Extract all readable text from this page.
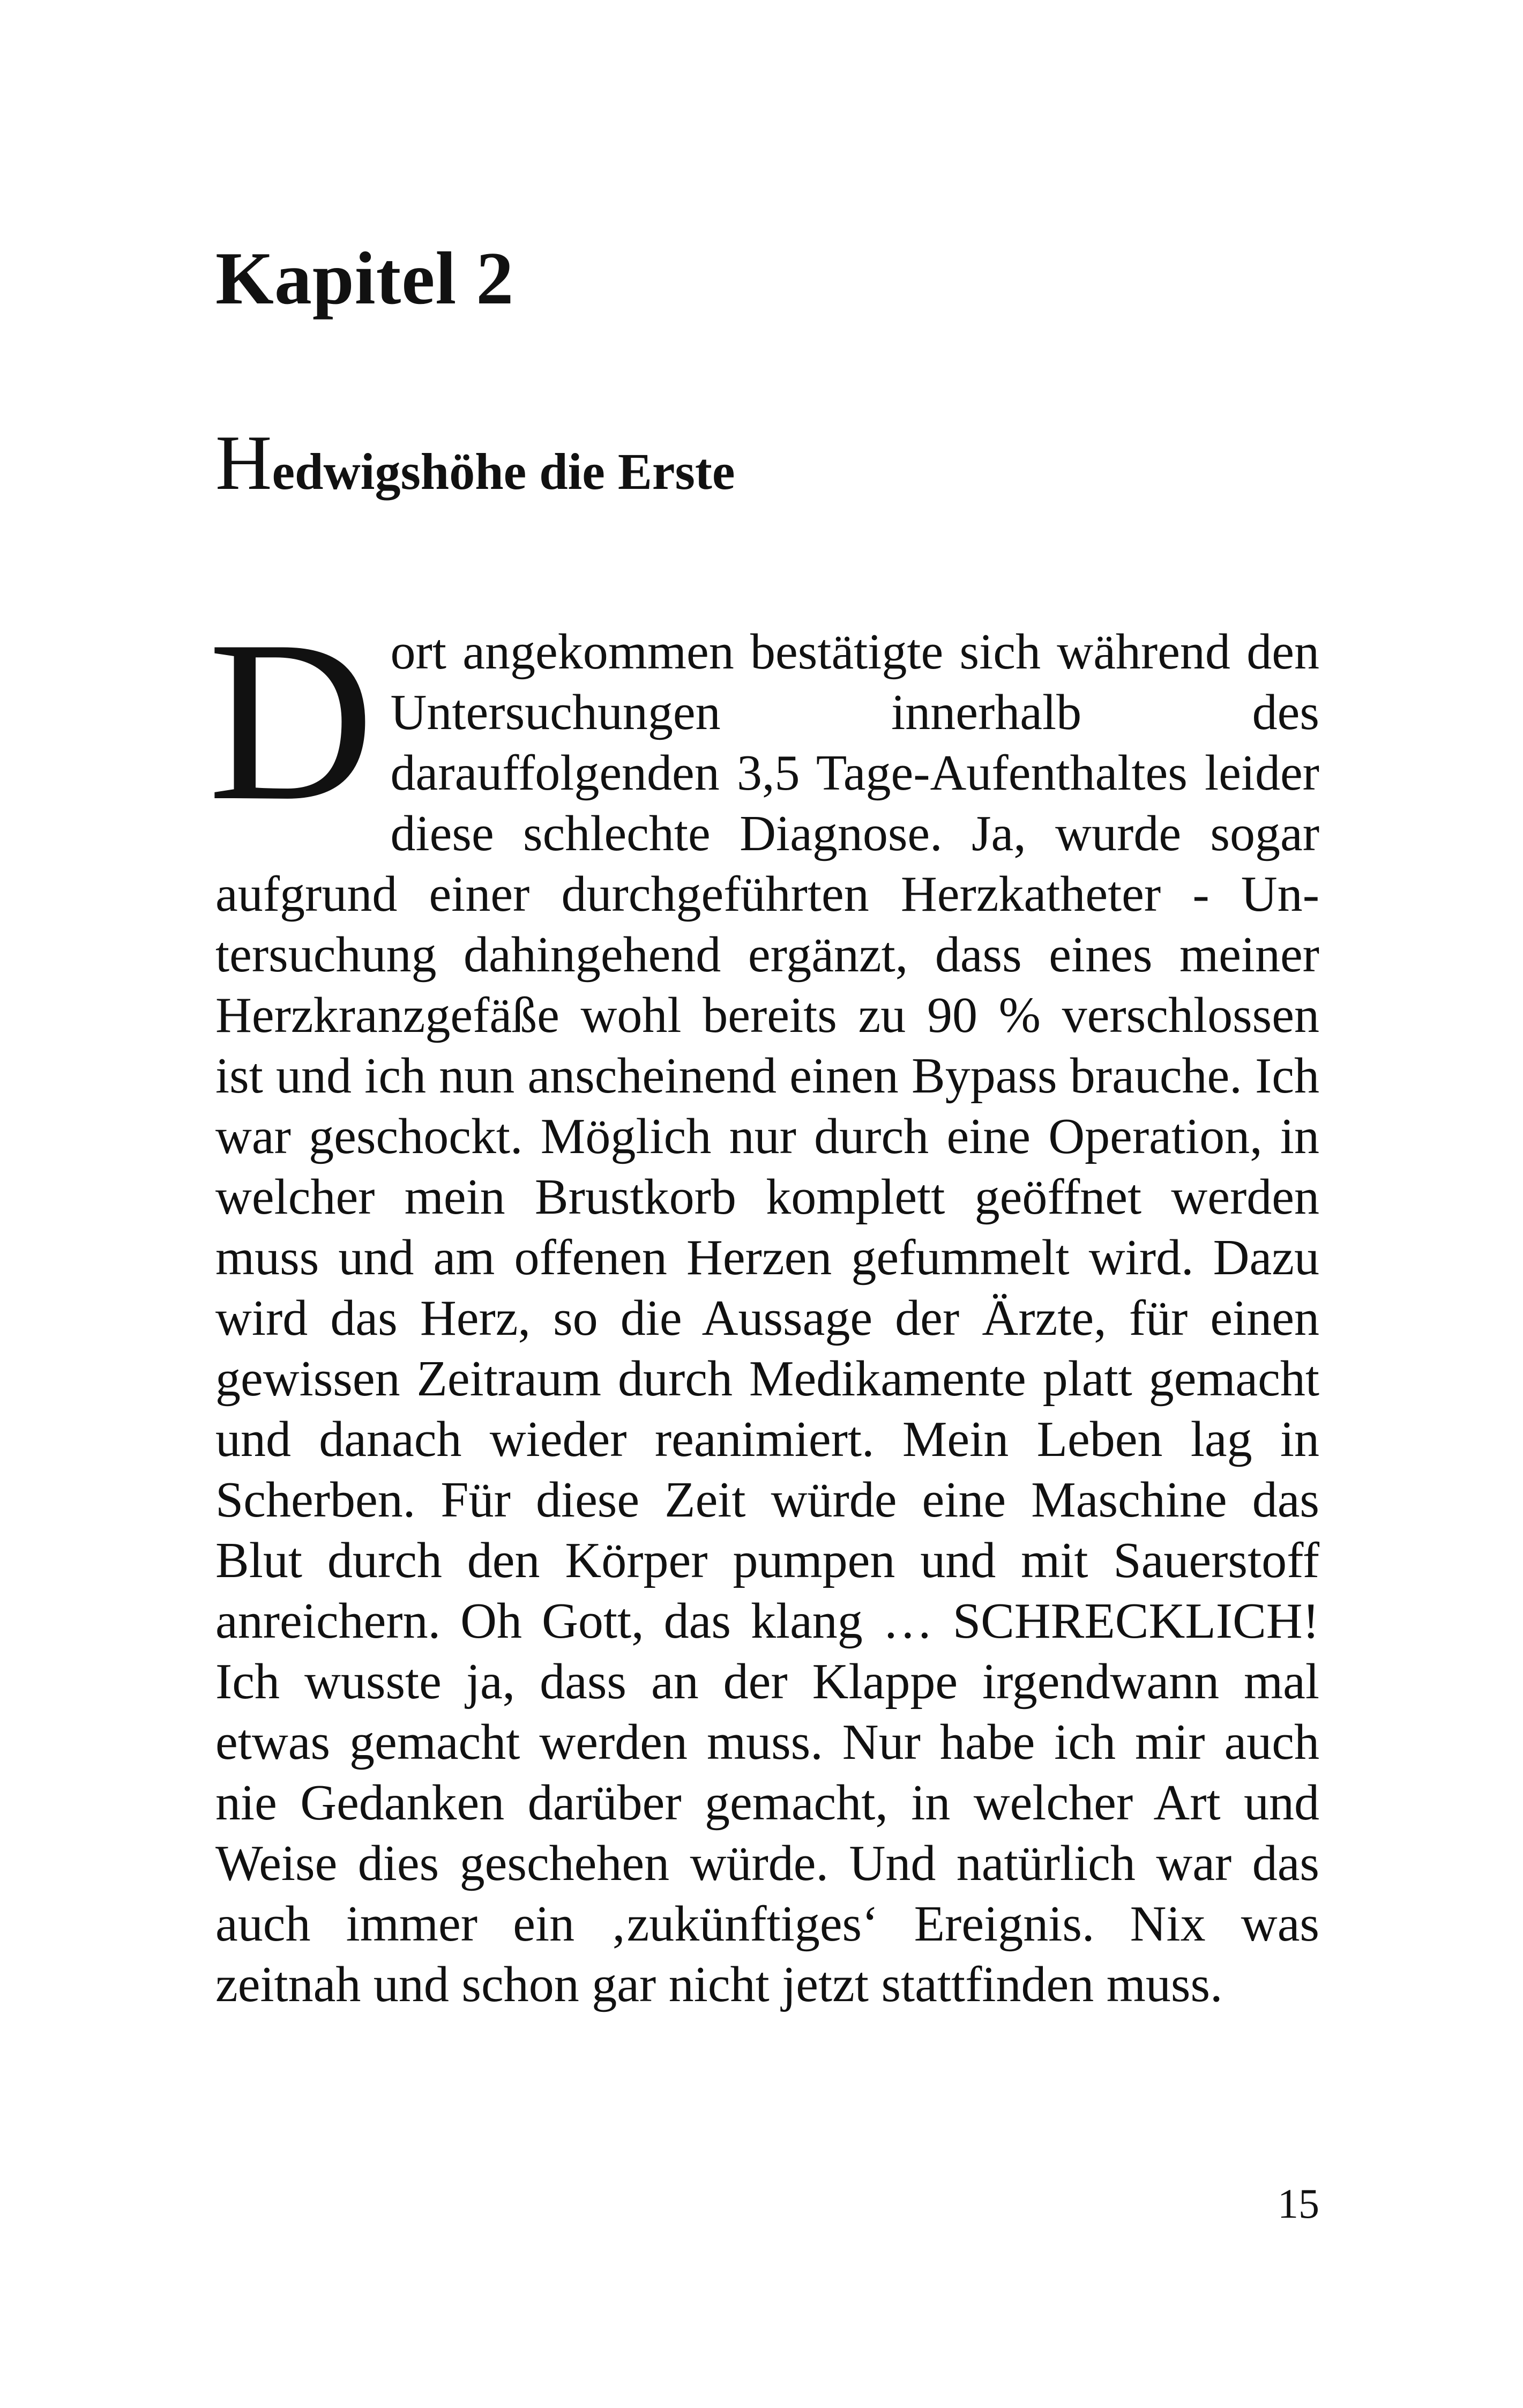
Kapitel 2
Hedwigshöhe die Erste

Dort angekommen bestätigte sich während den Untersuchungen innerhalb des darauffolgenden 3,5 Tage-Aufenthaltes leider diese schlechte Diagnose. Ja, wurde sogar aufgrund einer durchgeführten Herzkatheter - Untersuchung dahingehend ergänzt, dass eines meiner Herzkranzgefäße wohl bereits zu 90 % verschlossen ist und ich nun anscheinend einen Bypass brauche. Ich war geschockt. Möglich nur durch eine Operation, in welcher mein Brustkorb komplett geöffnet werden muss und am offenen Herzen gefummelt wird. Dazu wird das Herz, so die Aussage der Ärzte, für einen gewissen Zeitraum durch Medikamente platt gemacht und danach wieder reanimiert. Mein Leben lag in Scherben. Für diese Zeit würde eine Maschine das Blut durch den Körper pumpen und mit Sauerstoff anreichern. Oh Gott, das klang … SCHRECKLICH! Ich wusste ja, dass an der Klappe irgendwann mal etwas gemacht werden muss. Nur habe ich mir auch nie Gedanken darüber gemacht, in welcher Art und Weise dies geschehen würde. Und natürlich war das auch immer ein ‚zukünftiges‘ Ereignis. Nix was zeitnah und schon gar nicht jetzt stattfinden muss.

15
